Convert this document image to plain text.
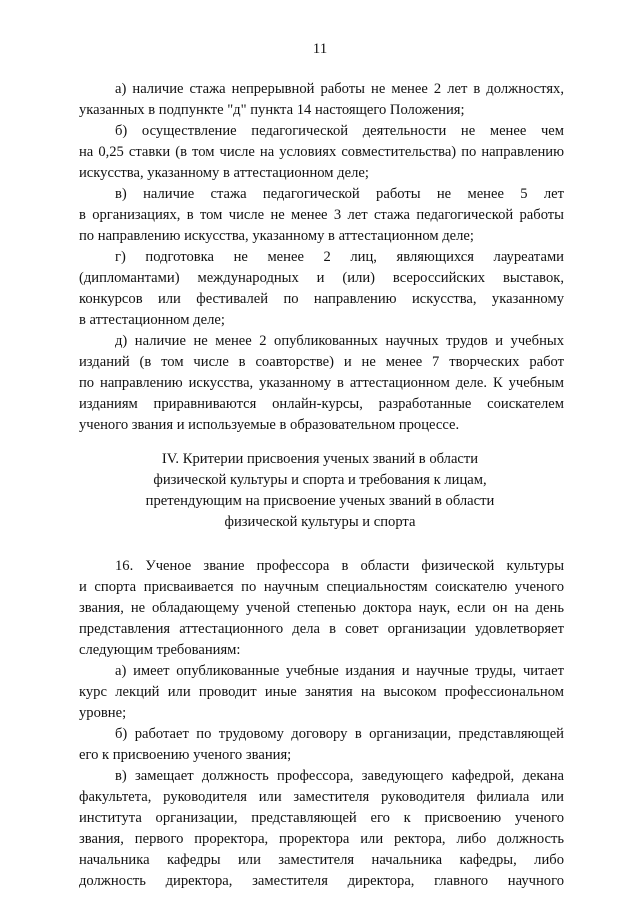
11
а) наличие стажа непрерывной работы не менее 2 лет в должностях,
указанных в подпункте "д" пункта 14 настоящего Положения;
б) осуществление педагогической деятельности не менее чем
на 0,25 ставки (в том числе на условиях совместительства) по направлению
искусства, указанному в аттестационном деле;
в) наличие стажа педагогической работы не менее 5 лет
в организациях, в том числе не менее 3 лет стажа педагогической работы
по направлению искусства, указанному в аттестационном деле;
г) подготовка не менее 2 лиц, являющихся лауреатами
(дипломантами) международных и (или) всероссийских выставок,
конкурсов или фестивалей по направлению искусства, указанному
в аттестационном деле;
д) наличие не менее 2 опубликованных научных трудов и учебных
изданий (в том числе в соавторстве) и не менее 7 творческих работ
по направлению искусства, указанному в аттестационном деле. К учебным
изданиям приравниваются онлайн-курсы, разработанные соискателем
ученого звания и используемые в образовательном процессе.
IV. Критерии присвоения ученых званий в области
физической культуры и спорта и требования к лицам,
претендующим на присвоение ученых званий в области
физической культуры и спорта
16. Ученое звание профессора в области физической культуры
и спорта присваивается по научным специальностям соискателю ученого
звания, не обладающему ученой степенью доктора наук, если он на день
представления аттестационного дела в совет организации удовлетворяет
следующим требованиям:
а) имеет опубликованные учебные издания и научные труды, читает
курс лекций или проводит иные занятия на высоком профессиональном
уровне;
б) работает по трудовому договору в организации, представляющей
его к присвоению ученого звания;
в) замещает должность профессора, заведующего кафедрой, декана
факультета, руководителя или заместителя руководителя филиала или
института организации, представляющей его к присвоению ученого
звания, первого проректора, проректора или ректора, либо должность
начальника кафедры или заместителя начальника кафедры, либо
должность директора, заместителя директора, главного научного
